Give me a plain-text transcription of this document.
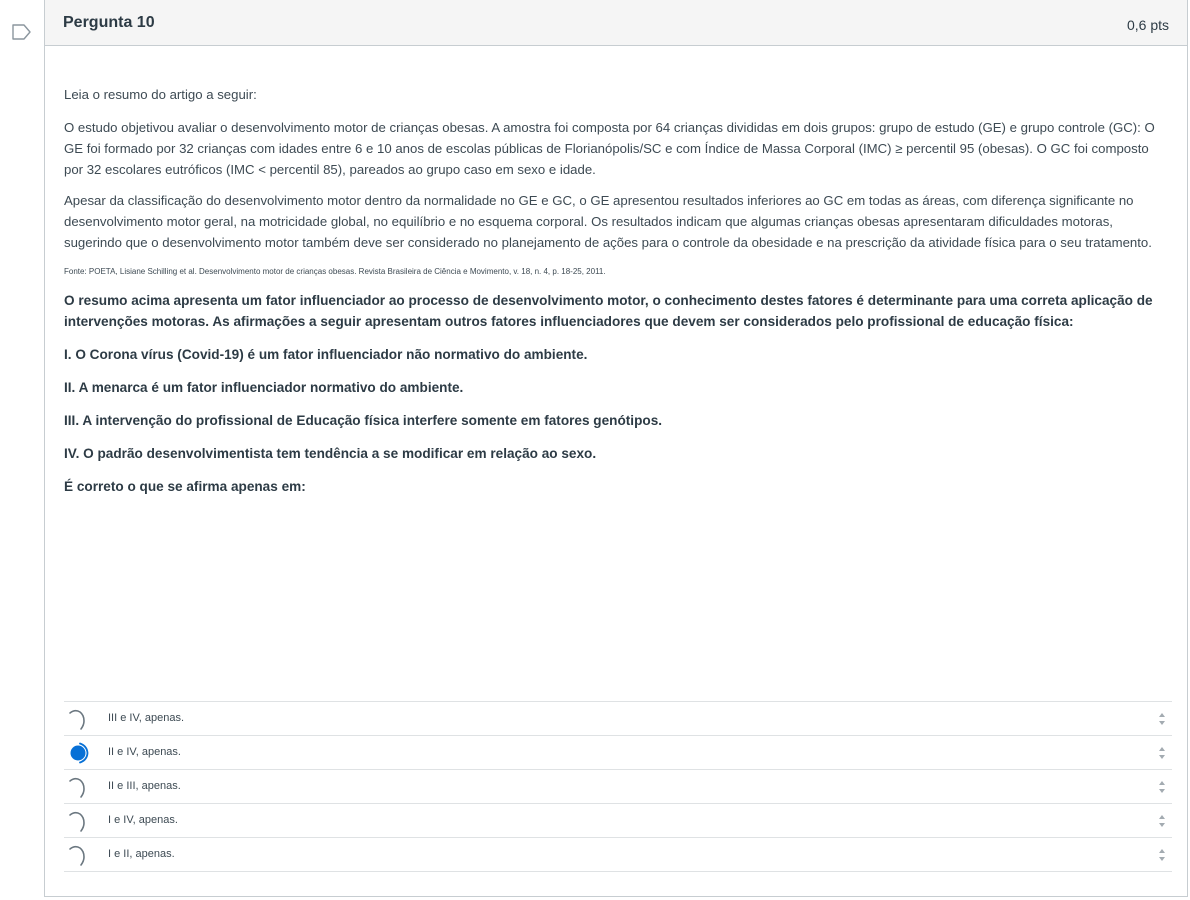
Pergunta 10	0,6 pts

Leia o resumo do artigo a seguir:

O estudo objetivou avaliar o desenvolvimento motor de crianças obesas. A amostra foi composta por 64 crianças divididas em dois grupos: grupo de estudo (GE) e grupo controle (GC): O GE foi formado por 32 crianças com idades entre 6 e 10 anos de escolas públicas de Florianópolis/SC e com Índice de Massa Corporal (IMC) ≥ percentil 95 (obesas). O GC foi composto por 32 escolares eutróficos (IMC < percentil 85), pareados ao grupo caso em sexo e idade.

Apesar da classificação do desenvolvimento motor dentro da normalidade no GE e GC, o GE apresentou resultados inferiores ao GC em todas as áreas, com diferença significante no desenvolvimento motor geral, na motricidade global, no equilíbrio e no esquema corporal. Os resultados indicam que algumas crianças obesas apresentaram dificuldades motoras, sugerindo que o desenvolvimento motor também deve ser considerado no planejamento de ações para o controle da obesidade e na prescrição da atividade física para o seu tratamento.

Fonte: POETA, Lisiane Schilling et al. Desenvolvimento motor de crianças obesas. Revista Brasileira de Ciência e Movimento, v. 18, n. 4, p. 18-25, 2011.

O resumo acima apresenta um fator influenciador ao processo de desenvolvimento motor, o conhecimento destes fatores é determinante para uma correta aplicação de intervenções motoras. As afirmações a seguir apresentam outros fatores influenciadores que devem ser considerados pelo profissional de educação física:

I. O Corona vírus (Covid-19) é um fator influenciador não normativo do ambiente.

II. A menarca é um fator influenciador normativo do ambiente.

III. A intervenção do profissional de Educação física interfere somente em fatores genótipos.

IV. O padrão desenvolvimentista tem tendência a se modificar em relação ao sexo.

É correto o que se afirma apenas em:

III e IV, apenas.
II e IV, apenas.
II e III, apenas.
I e IV, apenas.
I e II, apenas.
